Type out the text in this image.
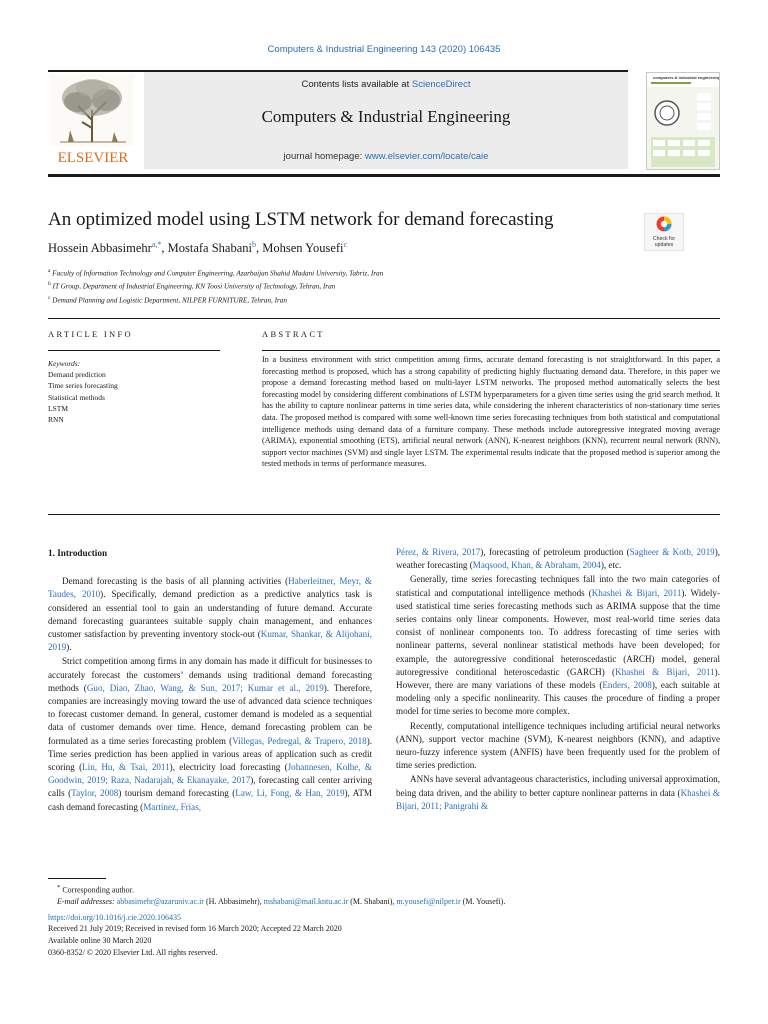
Computers & Industrial Engineering 143 (2020) 106435
ELSEVIER
Contents lists available at ScienceDirect
Computers & Industrial Engineering
journal homepage: www.elsevier.com/locate/caie
computers & industrial engineering
An optimized model using LSTM network for demand forecasting
Check for
updates
Hossein Abbasimehr$^{a,*}$, Mostafa Shabani$^b$, Mohsen Yousefi$^c$
$^a$ Faculty of Information Technology and Computer Engineering, Azarbaijan Shahid Madani University, Tabriz, Iran
$^b$ IT Group, Department of Industrial Engineering, KN Toosi University of Technology, Tehran, Iran
$^c$ Demand Planning and Logistic Department, NILPER FURNITURE, Tehran, Iran
ARTICLE INFO	ABSTRACT
Keywords:
Demand prediction
Time series forecasting
Statistical methods
LSTM
RNN
In a business environment with strict competition among firms, accurate demand forecasting is not straightforward. In this paper, a forecasting method is proposed, which has a strong capability of predicting highly fluctuating demand data. Therefore, in this paper we propose a demand forecasting method based on multi-layer LSTM networks. The proposed method automatically selects the best forecasting model by considering different combinations of LSTM hyperparameters for a given time series using the grid search method. It has the ability to capture nonlinear patterns in time series data, while considering the inherent characteristics of non-stationary time series data. The proposed method is compared with some well-known time series forecasting techniques from both statistical and computational intelligence methods using demand data of a furniture company. These methods include autoregressive integrated moving average (ARIMA), exponential smoothing (ETS), artificial neural network (ANN), K-nearest neighbors (KNN), recurrent neural network (RNN), support vector machines (SVM) and single layer LSTM. The experimental results indicate that the proposed method is superior among the tested methods in terms of performance measures.
1. Introduction

Demand forecasting is the basis of all planning activities (Haberleitner, Meyr, & Taudes, 2010). Specifically, demand prediction as a predictive analytics task is considered an essential tool to gain an understanding of future demand. Accurate demand forecasting guarantees suitable supply chain management, and enhances customer satisfaction by preventing inventory stock-out (Kumar, Shankar, & Alijohani, 2019).

Strict competition among firms in any domain has made it difficult for businesses to accurately forecast the customers’ demands using traditional demand forecasting methods (Guo, Diao, Zhao, Wang, & Sun, 2017; Kumar et al., 2019). Therefore, companies are increasingly moving toward the use of advanced data science techniques to forecast customer demand. In general, customer demand is modeled as a sequential data of customer demands over time. Hence, demand forecasting problem can be formulated as a time series forecasting problem (Villegas, Pedregal, & Trapero, 2018). Time series prediction has been applied in various areas of application such as credit scoring (Lin, Hu, & Tsai, 2011), electricity load forecasting (Johannesen, Kolhe, & Goodwin, 2019; Raza, Nadarajah, & Ekanayake, 2017), forecasting call center arriving calls (Taylor, 2008) tourism demand forecasting (Law, Li, Fong, & Han, 2019), ATM cash demand forecasting (Martínez, Frías,

Pérez, & Rivera, 2017), forecasting of petroleum production (Sagheer & Kotb, 2019), weather forecasting (Maqsood, Khan, & Abraham, 2004), etc.

Generally, time series forecasting techniques fall into the two main categories of statistical and computational intelligence methods (Khashei & Bijari, 2011). Widely-used statistical time series forecasting methods such as ARIMA suppose that the time series contains only linear components. However, most real-world time series data consist of nonlinear components too. To address forecasting of time series with nonlinear patterns, several nonlinear statistical methods have been developed; for example, the autoregressive conditional heteroscedastic (ARCH) model, general autoregressive conditional heteroscedastic (GARCH) (Khashei & Bijari, 2011). However, there are many variations of these models (Enders, 2008), each suitable at modeling only a specific nonlinearity. This causes the procedure of finding a proper model for time series to become more complex.

Recently, computational intelligence techniques including artificial neural networks (ANN), support vector machine (SVM), K-nearest neighbors (KNN), and adaptive neuro-fuzzy inference system (ANFIS) have been frequently used for the problem of time series prediction.

ANNs have several advantageous characteristics, including universal approximation, being data driven, and the ability to better capture nonlinear patterns in data (Khashei & Bijari, 2011; Panigrahi &

* Corresponding author.
E-mail addresses: abbasimehr@azaruniv.ac.ir (H. Abbasimehr), mshabani@mail.kntu.ac.ir (M. Shabani), m.yousefi@nilper.ir (M. Yousefi).
https://doi.org/10.1016/j.cie.2020.106435
Received 21 July 2019; Received in revised form 16 March 2020; Accepted 22 March 2020
Available online 30 March 2020
0360-8352/ © 2020 Elsevier Ltd. All rights reserved.
